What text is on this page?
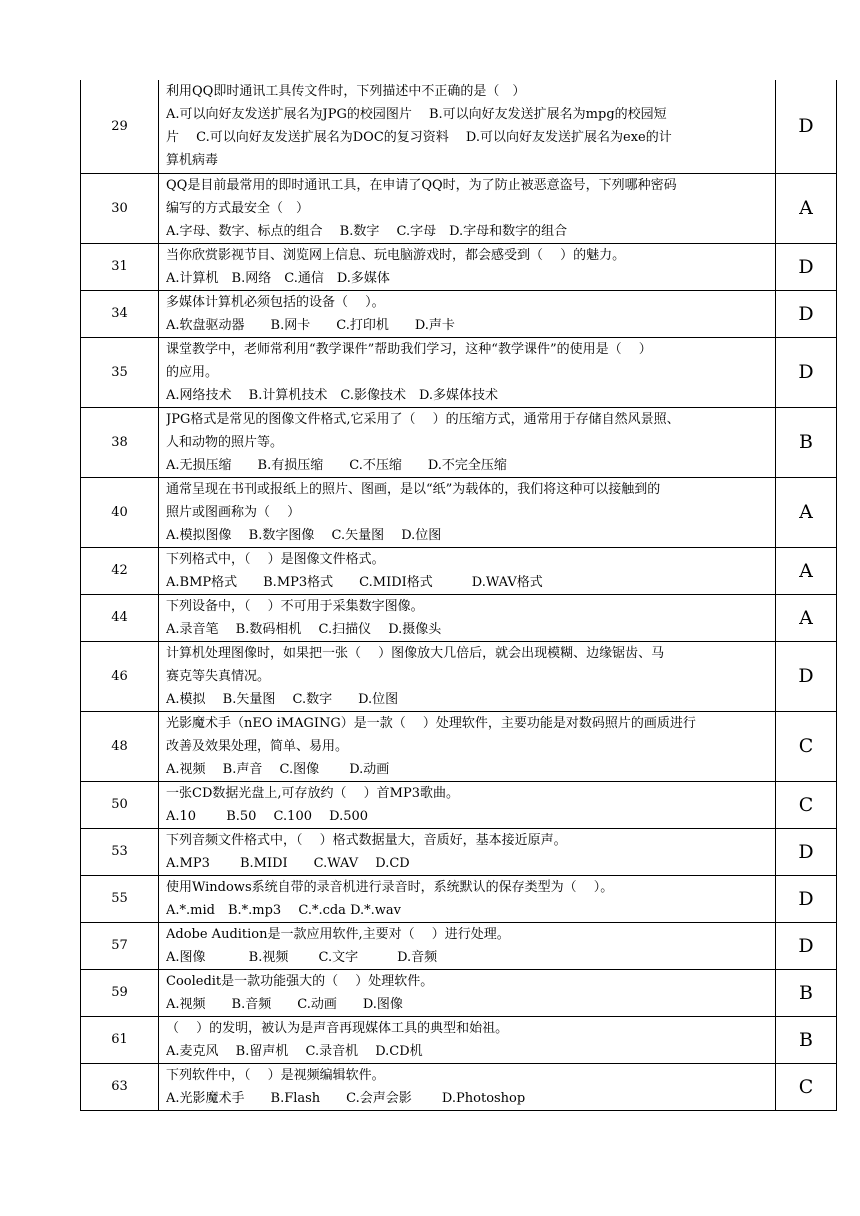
29	利用QQ即时通讯工具传文件时，下列描述中不正确的是（　）
A.可以向好友发送扩展名为JPG的校园图片　 B.可以向好友发送扩展名为mpg的校园短
片　 C.可以向好友发送扩展名为DOC的复习资料　 D.可以向好友发送扩展名为exe的计
算机病毒	D
30	QQ是目前最常用的即时通讯工具，在申请了QQ时，为了防止被恶意盗号，下列哪种密码
编写的方式最安全（　）
A.字母、数字、标点的组合　 B.数字　 C.字母　D.字母和数字的组合	A
31	当你欣赏影视节目、浏览网上信息、玩电脑游戏时，都会感受到（　 ）的魅力。
A.计算机　B.网络　C.通信　D.多媒体	D
34	多媒体计算机必须包括的设备（　 ）。
A.软盘驱动器　　B.网卡　　C.打印机　　D.声卡	D
35	课堂教学中，老师常利用“教学课件”帮助我们学习，这种“教学课件”的使用是（　 ）
的应用。
A.网络技术　 B.计算机技术　C.影像技术　D.多媒体技术	D
38	JPG格式是常见的图像文件格式,它采用了（　 ）的压缩方式，通常用于存储自然风景照、
人和动物的照片等。
A.无损压缩　　B.有损压缩　　C.不压缩　　D.不完全压缩	B
40	通常呈现在书刊或报纸上的照片、图画，是以“纸”为载体的，我们将这种可以接触到的
照片或图画称为（　 ）
A.模拟图像　 B.数字图像　 C.矢量图　 D.位图	A
42	下列格式中，（　 ）是图像文件格式。
A.BMP格式　　B.MP3格式　　C.MIDI格式　　　D.WAV格式	A
44	下列设备中，（　 ）不可用于采集数字图像。
A.录音笔　 B.数码相机　 C.扫描仪　 D.摄像头	A
46	计算机处理图像时，如果把一张（　 ）图像放大几倍后，就会出现模糊、边缘锯齿、马
赛克等失真情况。
A.模拟　 B.矢量图　 C.数字　　D.位图	D
48	光影魔术手（nEO iMAGING）是一款（　 ）处理软件，主要功能是对数码照片的画质进行
改善及效果处理，简单、易用。
A.视频　 B.声音　 C.图像　　 D.动画	C
50	一张CD数据光盘上,可存放约（　 ）首MP3歌曲。
A.10　　 B.50　 C.100　 D.500	C
53	下列音频文件格式中，（　 ）格式数据量大，音质好，基本接近原声。
A.MP3　　 B.MIDI　　C.WAV　 D.CD	D
55	使用Windows系统自带的录音机进行录音时，系统默认的保存类型为（　 ）。
A.*.mid　B.*.mp3　 C.*.cda D.*.wav	D
57	Adobe Audition是一款应用软件,主要对（　 ）进行处理。
A.图像　　　 B.视频　　 C.文字　　　D.音频	D
59	Cooledit是一款功能强大的（　 ）处理软件。
A.视频　　B.音频　　C.动画　　D.图像	B
61	（　 ）的发明，被认为是声音再现媒体工具的典型和始祖。
A.麦克风　 B.留声机　 C.录音机　 D.CD机	B
63	下列软件中，（　 ）是视频编辑软件。
A.光影魔术手　　B.Flash　　C.会声会影　　 D.Photoshop	C
